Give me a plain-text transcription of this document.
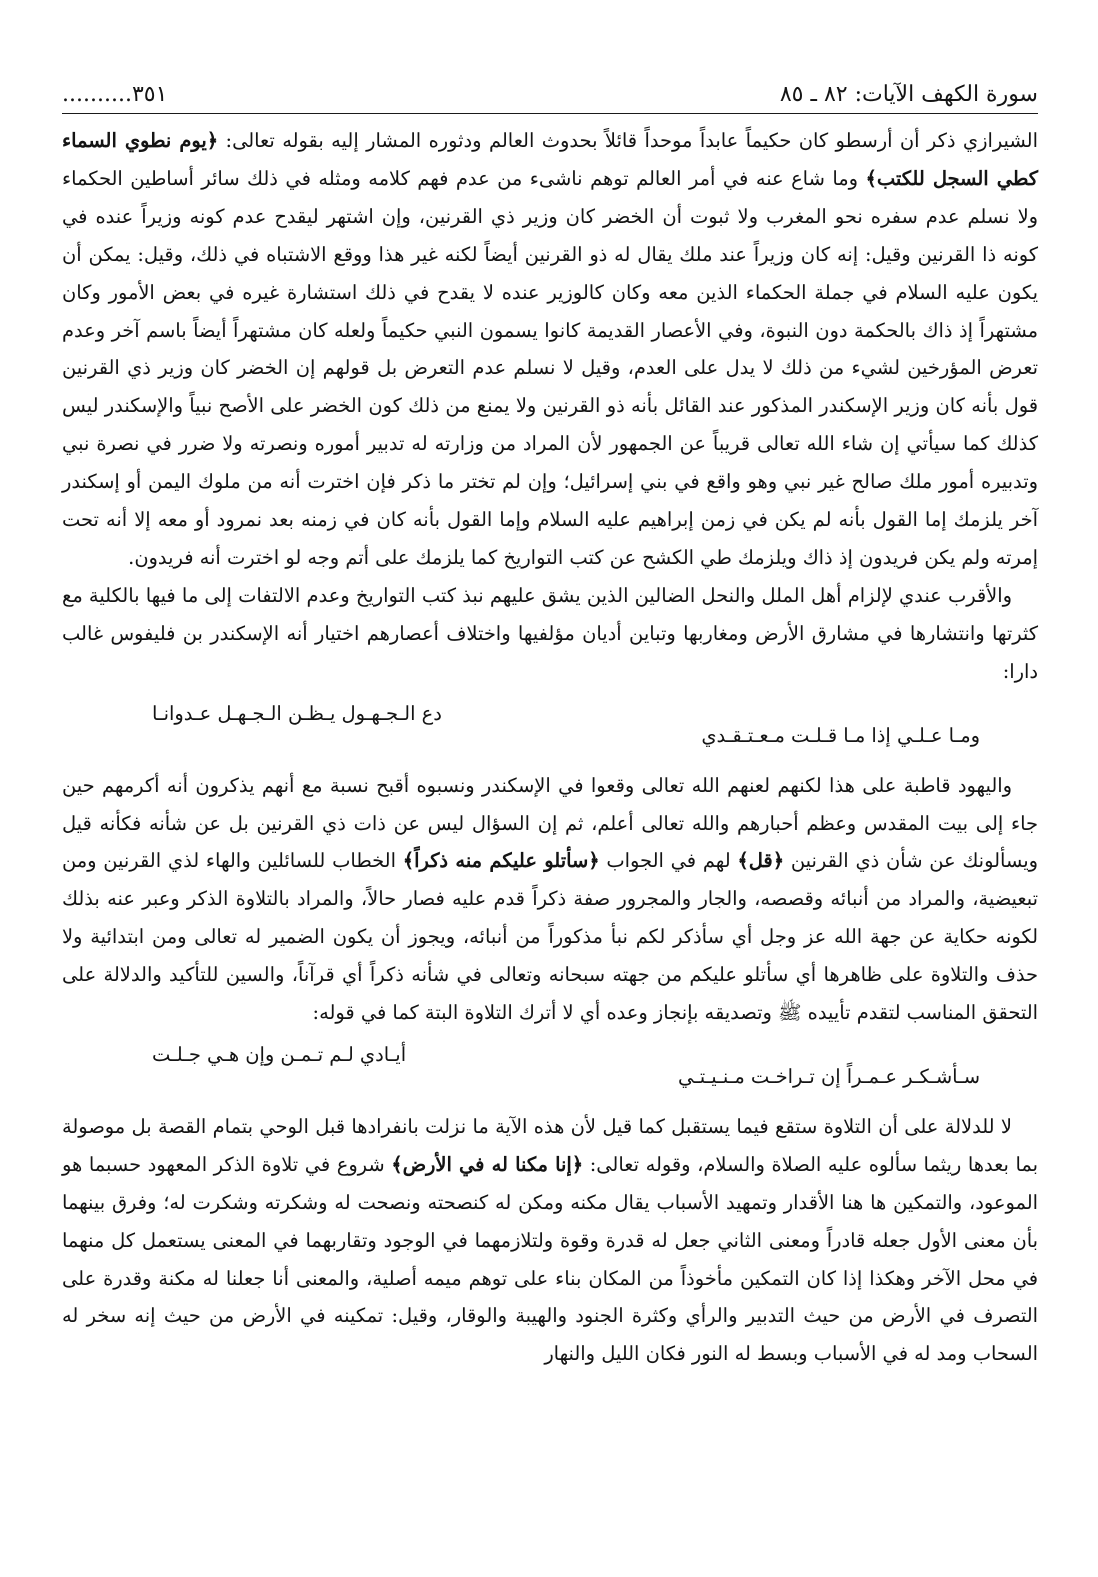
سورة الكهف الآيات: ٨٢ ـ ٨٥
..........٣٥١

الشيرازي ذكر أن أرسطو كان حكيماً عابداً موحداً قائلاً بحدوث العالم ودثوره المشار إليه بقوله تعالى: ﴿يوم نطوي السماء كطي السجل للكتب﴾ وما شاع عنه في أمر العالم توهم ناشىء من عدم فهم كلامه ومثله في ذلك سائر أساطين الحكماء ولا نسلم عدم سفره نحو المغرب ولا ثبوت أن الخضر كان وزير ذي القرنين، وإن اشتهر ليقدح عدم كونه وزيراً عنده في كونه ذا القرنين وقيل: إنه كان وزيراً عند ملك يقال له ذو القرنين أيضاً لكنه غير هذا ووقع الاشتباه في ذلك، وقيل: يمكن أن يكون عليه السلام في جملة الحكماء الذين معه وكان كالوزير عنده لا يقدح في ذلك استشارة غيره في بعض الأمور وكان مشتهراً إذ ذاك بالحكمة دون النبوة، وفي الأعصار القديمة كانوا يسمون النبي حكيماً ولعله كان مشتهراً أيضاً باسم آخر وعدم تعرض المؤرخين لشيء من ذلك لا يدل على العدم، وقيل لا نسلم عدم التعرض بل قولهم إن الخضر كان وزير ذي القرنين قول بأنه كان وزير الإسكندر المذكور عند القائل بأنه ذو القرنين ولا يمنع من ذلك كون الخضر على الأصح نبياً والإسكندر ليس كذلك كما سيأتي إن شاء الله تعالى قريباً عن الجمهور لأن المراد من وزارته له تدبير أموره ونصرته ولا ضرر في نصرة نبي وتدبيره أمور ملك صالح غير نبي وهو واقع في بني إسرائيل؛ وإن لم تختر ما ذكر فإن اخترت أنه من ملوك اليمن أو إسكندر آخر يلزمك إما القول بأنه لم يكن في زمن إبراهيم عليه السلام وإما القول بأنه كان في زمنه بعد نمرود أو معه إلا أنه تحت إمرته ولم يكن فريدون إذ ذاك ويلزمك طي الكشح عن كتب التواريخ كما يلزمك على أتم وجه لو اخترت أنه فريدون.

والأقرب عندي لإلزام أهل الملل والنحل الضالين الذين يشق عليهم نبذ كتب التواريخ وعدم الالتفات إلى ما فيها بالكلية مع كثرتها وانتشارها في مشارق الأرض ومغاربها وتباين أديان مؤلفيها واختلاف أعصارهم اختيار أنه الإسكندر بن فليفوس غالب دارا:

ومـا عـلـي إذا مـا قـلـت مـعـتـقـدي
دع الـجـهـول يـظـن الـجـهـل عـدوانـا

واليهود قاطبة على هذا لكنهم لعنهم الله تعالى وقعوا في الإسكندر ونسبوه أقبح نسبة مع أنهم يذكرون أنه أكرمهم حين جاء إلى بيت المقدس وعظم أحبارهم والله تعالى أعلم، ثم إن السؤال ليس عن ذات ذي القرنين بل عن شأنه فكأنه قيل ويسألونك عن شأن ذي القرنين ﴿قل﴾ لهم في الجواب ﴿سأتلو عليكم منه ذكراً﴾ الخطاب للسائلين والهاء لذي القرنين ومن تبعيضية، والمراد من أنبائه وقصصه، والجار والمجرور صفة ذكراً قدم عليه فصار حالاً، والمراد بالتلاوة الذكر وعبر عنه بذلك لكونه حكاية عن جهة الله عز وجل أي سأذكر لكم نبأ مذكوراً من أنبائه، ويجوز أن يكون الضمير له تعالى ومن ابتدائية ولا حذف والتلاوة على ظاهرها أي سأتلو عليكم من جهته سبحانه وتعالى في شأنه ذكراً أي قرآناً، والسين للتأكيد والدلالة على التحقق المناسب لتقدم تأييده ﷺ وتصديقه بإنجاز وعده أي لا أترك التلاوة البتة كما في قوله:

سـأشـكـر عـمـراً إن تـراخـت مـنـيـتـي
أيـادي لـم تـمـن وإن هـي جـلـت

لا للدلالة على أن التلاوة ستقع فيما يستقبل كما قيل لأن هذه الآية ما نزلت بانفرادها قبل الوحي بتمام القصة بل موصولة بما بعدها ريثما سألوه عليه الصلاة والسلام، وقوله تعالى: ﴿إنا مكنا له في الأرض﴾ شروع في تلاوة الذكر المعهود حسبما هو الموعود، والتمكين ها هنا الأقدار وتمهيد الأسباب يقال مكنه ومكن له كنصحته ونصحت له وشكرته وشكرت له؛ وفرق بينهما بأن معنى الأول جعله قادراً ومعنى الثاني جعل له قدرة وقوة ولتلازمهما في الوجود وتقاربهما في المعنى يستعمل كل منهما في محل الآخر وهكذا إذا كان التمكين مأخوذاً من المكان بناء على توهم ميمه أصلية، والمعنى أنا جعلنا له مكنة وقدرة على التصرف في الأرض من حيث التدبير والرأي وكثرة الجنود والهيبة والوقار، وقيل: تمكينه في الأرض من حيث إنه سخر له السحاب ومد له في الأسباب وبسط له النور فكان الليل والنهار
